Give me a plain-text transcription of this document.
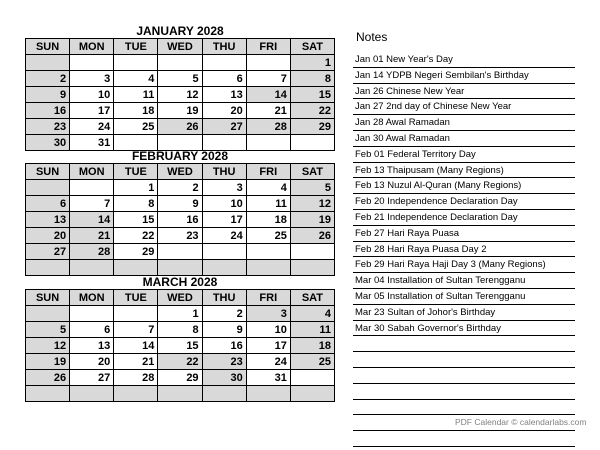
JANUARY 2028
SUN	MON	TUE	WED	THU	FRI	SAT
						1
2	3	4	5	6	7	8
9	10	11	12	13	14	15
16	17	18	19	20	21	22
23	24	25	26	27	28	29
30	31					
FEBRUARY 2028
SUN	MON	TUE	WED	THU	FRI	SAT
		1	2	3	4	5
6	7	8	9	10	11	12
13	14	15	16	17	18	19
20	21	22	23	24	25	26
27	28	29				

MARCH 2028
SUN	MON	TUE	WED	THU	FRI	SAT
			1	2	3	4
5	6	7	8	9	10	11
12	13	14	15	16	17	18
19	20	21	22	23	24	25
26	27	28	29	30	31	

Notes
Jan 01 New Year's Day
Jan 14 YDPB Negeri Sembilan's Birthday
Jan 26 Chinese New Year
Jan 27 2nd day of Chinese New Year
Jan 28 Awal Ramadan
Jan 30 Awal Ramadan
Feb 01 Federal Territory Day
Feb 13 Thaipusam (Many Regions)
Feb 13 Nuzul Al-Quran (Many Regions)
Feb 20 Independence Declaration Day
Feb 21 Independence Declaration Day
Feb 27 Hari Raya Puasa
Feb 28 Hari Raya Puasa Day 2
Feb 29 Hari Raya Haji Day 3 (Many Regions)
Mar 04 Installation of Sultan Terengganu
Mar 05 Installation of Sultan Terengganu
Mar 23 Sultan of Johor's Birthday
Mar 30 Sabah Governor's Birthday
PDF Calendar © calendarlabs.com
